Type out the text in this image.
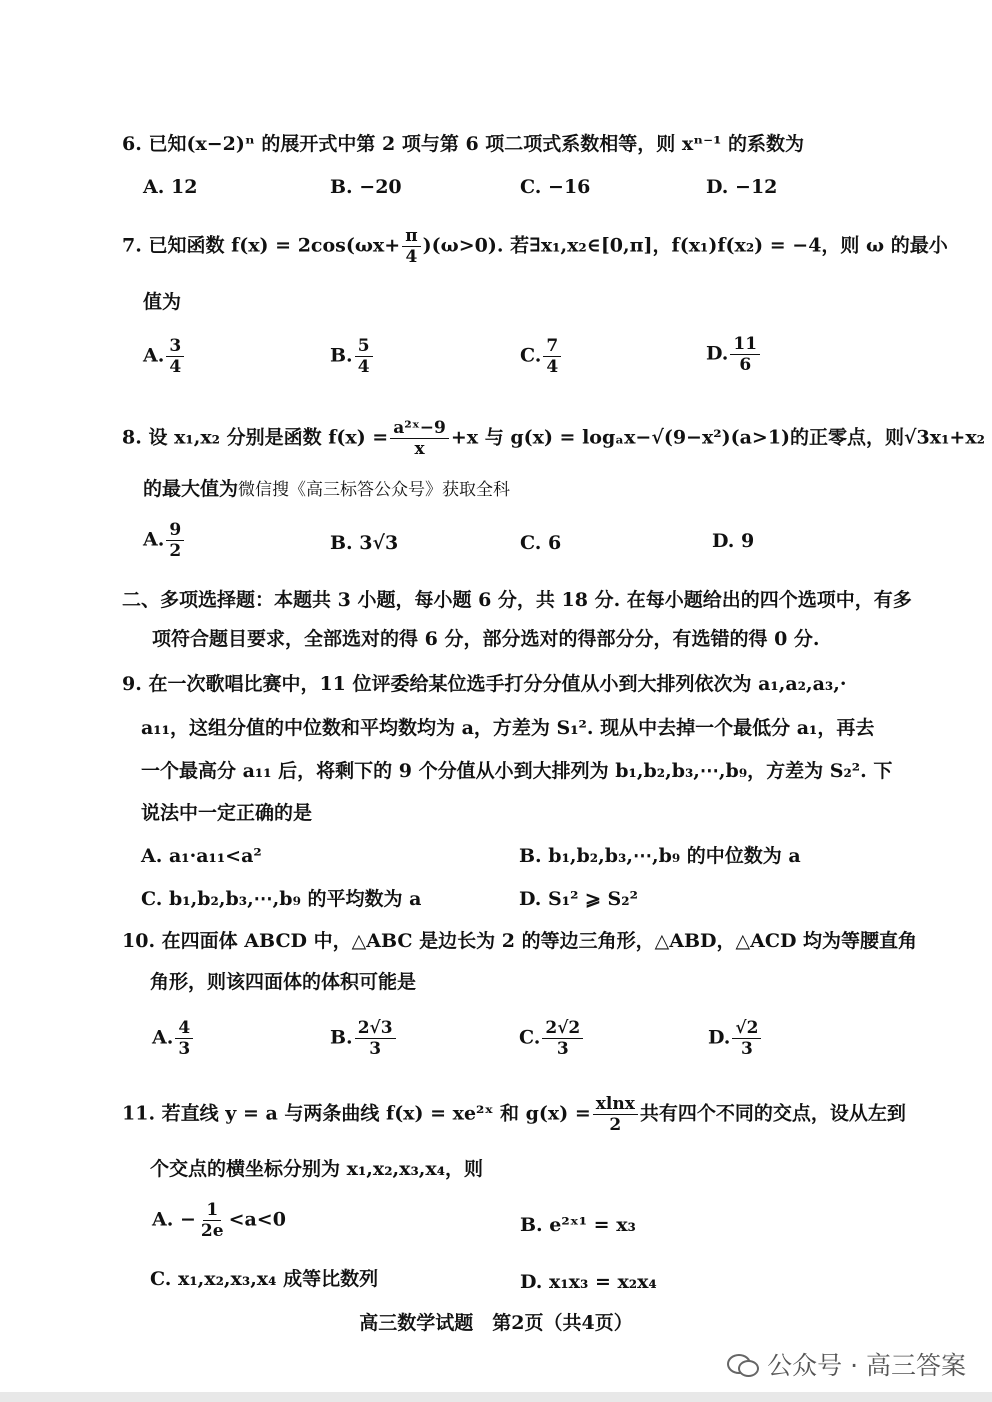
6. 已知(x−2)ⁿ 的展开式中第 2 项与第 6 项二项式系数相等，则 xⁿ⁻¹ 的系数为
A. 12	B. −20	C. −16	D. −12
7. 已知函数 $f(x) = 2\cos(\omega x+ \frac{\pi}{4} )(\omega>0)$. 若∃x₁,x₂∈[0,π]，f(x₁)f(x₂) = −4，则 ω 的最小
值为
A. $\frac{3}{4}$	B. $\frac{5}{4}$	C. $\frac{7}{4}$	D. $\frac{11}{6}$
8. 设 x₁,x₂ 分别是函数 $f(x) = \frac{\text{a²ˣ−9}}{x} +x$ 与 g(x) = logₐx−√(9−x²)(a>1)的正零点，则√3x₁+x₂
的最大值为微信搜《高三标答公众号》获取全科
A. $\frac{9}{2}$	B. 3√3	C. 6	D. 9
二、多项选择题：本题共 3 小题，每小题 6 分，共 18 分. 在每小题给出的四个选项中，有多
项符合题目要求，全部选对的得 6 分，部分选对的得部分分，有选错的得 0 分.
9. 在一次歌唱比赛中，11 位评委给某位选手打分分值从小到大排列依次为 a₁,a₂,a₃,·
a₁₁，这组分值的中位数和平均数均为 a，方差为 S₁². 现从中去掉一个最低分 a₁，再去
一个最高分 a₁₁ 后，将剩下的 9 个分值从小到大排列为 b₁,b₂,b₃,⋯,b₉，方差为 S₂². 下
说法中一定正确的是
A. a₁·a₁₁<a²	B. b₁,b₂,b₃,⋯,b₉ 的中位数为 a
C. b₁,b₂,b₃,⋯,b₉ 的平均数为 a	D. S₁² ⩾ S₂²
10. 在四面体 ABCD 中，△ABC 是边长为 2 的等边三角形，△ABD，△ACD 均为等腰直角
角形，则该四面体的体积可能是
A. $\frac{4}{3}$	B. $\frac{2√3}{3}$	C. $\frac{2√2}{3}$	D. $\frac{√2}{3}$
11. 若直线 y = a 与两条曲线 f(x) = xe²ˣ 和 $g(x) = \frac{xlnx}{2}$ 共有四个不同的交点，设从左到
个交点的横坐标分别为 x₁,x₂,x₃,x₄，则
A. − $\frac{1}{2e} <a<0$	B. e²ˣ¹ = x₃
C. x₁,x₂,x₃,x₄ 成等比数列	D. x₁x₃ = x₂x₄
高三数学试题　第2页（共4页）
公众号 · 高三答案
